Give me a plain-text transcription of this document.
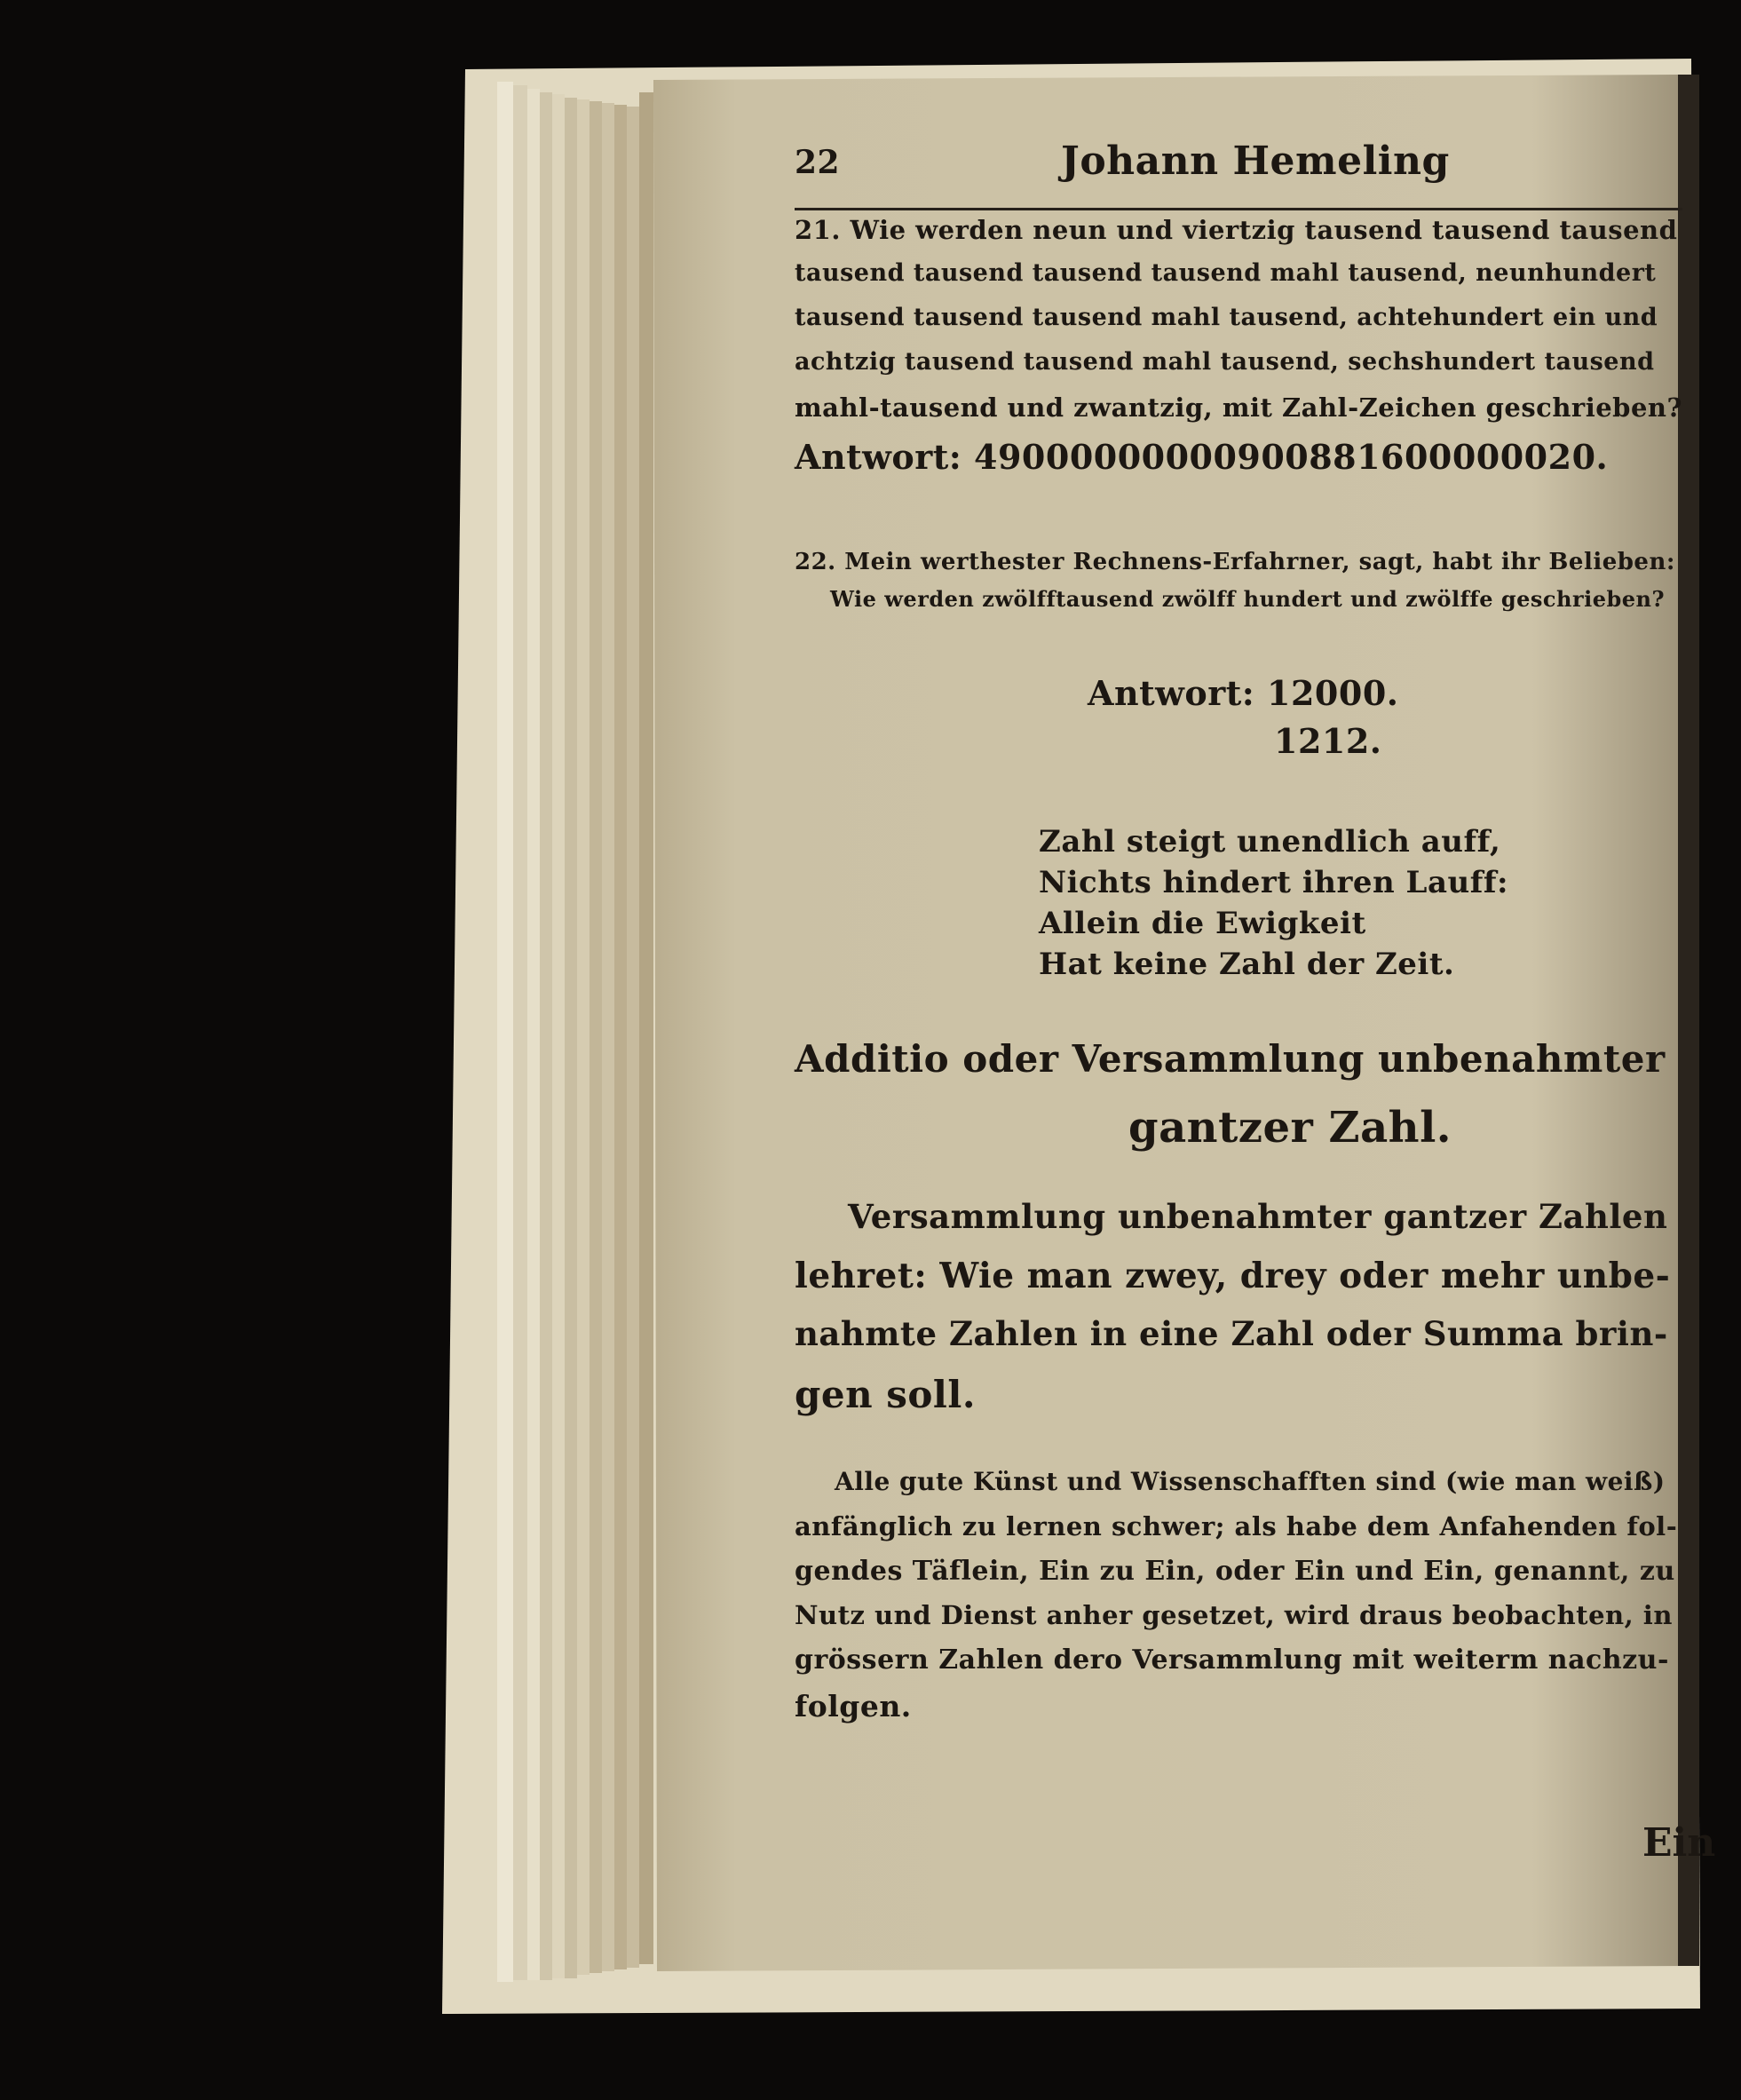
22	Johann Hemeling
21. Wie werden neun und viertzig tausend tausend tausend
tausend tausend tausend tausend mahl tausend, neunhundert
tausend tausend tausend mahl tausend, achtehundert ein und
achtzig tausend tausend mahl tausend, sechshundert tausend
mahl-tausend und zwantzig, mit Zahl-Zeichen geschrieben?
Antwort: 49000000000900881600000020.
22. Mein werthester Rechnens-Erfahrner, sagt, habt ihr Belieben:
Wie werden zwölfftausend zwölff hundert und zwölffe geschrieben?
Antwort: 12000.
1212.
Zahl steigt unendlich auff,
Nichts hindert ihren Lauff:
Allein die Ewigkeit
Hat keine Zahl der Zeit.
Additio oder Versammlung unbenahmter
gantzer Zahl.
Versammlung unbenahmter gantzer Zahlen
lehret: Wie man zwey, drey oder mehr unbe-
nahmte Zahlen in eine Zahl oder Summa brin-
gen soll.
Alle gute Künst und Wissenschafften sind (wie man weiß)
anfänglich zu lernen schwer; als habe dem Anfahenden fol-
gendes Täflein, Ein zu Ein, oder Ein und Ein, genannt, zu
Nutz und Dienst anher gesetzet, wird draus beobachten, in
grössern Zahlen dero Versammlung mit weiterm nachzu-
folgen.
Ein
